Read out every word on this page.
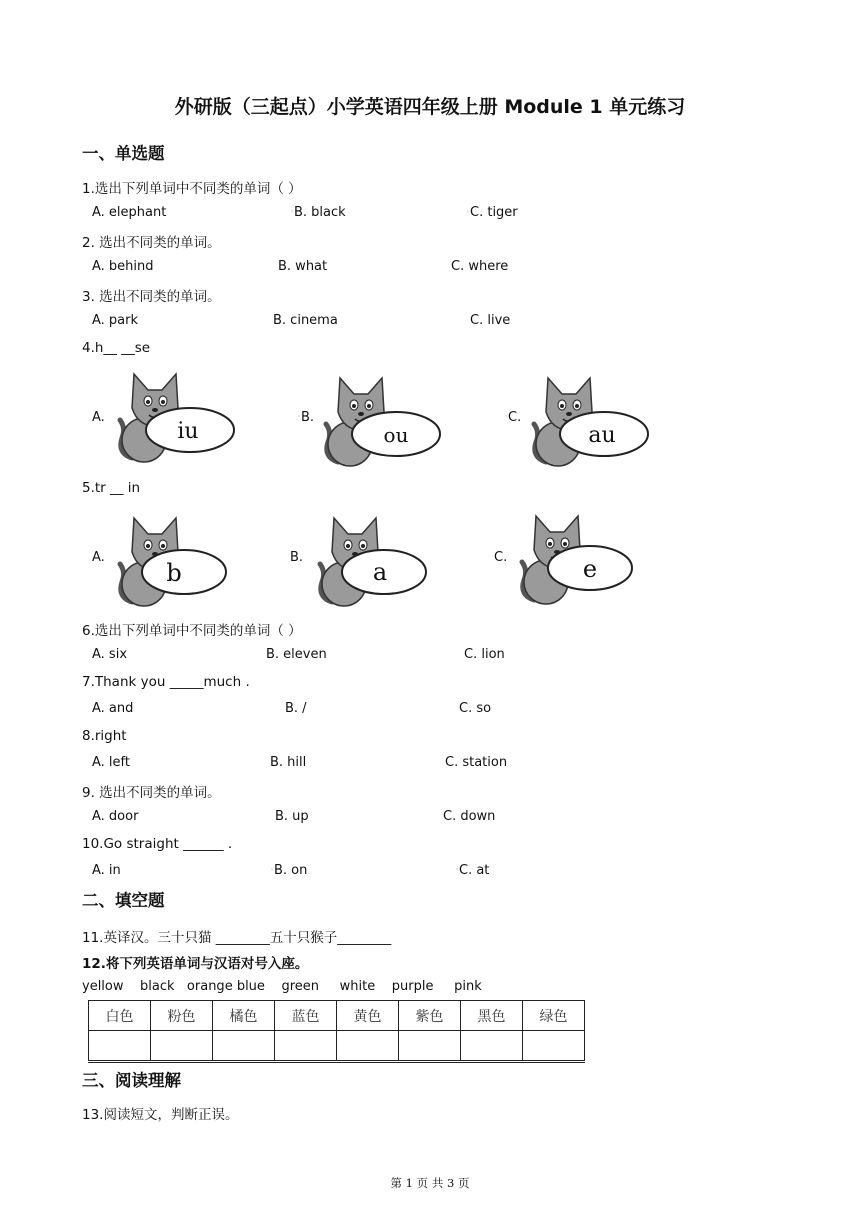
外研版（三起点）小学英语四年级上册 Module 1 单元练习
一、单选题
1.选出下列单词中不同类的单词（ ）
A. elephant	◦ B. black	◦ C. tiger
2. 选出不同类的单词。
A. behind	B. what	C. where
3. 选出不同类的单词。
A. park	B. cinema	C. live
4.h__ __se
A.	◦ B.	◦ C.
iu	ou	au
5.tr __ in
A.	B.	C.
b	a	e
6.选出下列单词中不同类的单词（ ）
A. six	B. eleven	C. lion
7.Thank you _____much .
A. and	B. /	C. so
8.right
A. left	B. hill	C. station
9. 选出不同类的单词。
A. door	B. up	C. down
10.Go straight ______ .
A. in	◦ B. on	◦ C. at
二、填空题
11.英译汉。三十只猫 ________五十只猴子________
12.将下列英语单词与汉语对号入座。
yellow    black   orange blue    green     white    purple     pink
白色	粉色	橘色	蓝色	黄色	紫色	黑色	绿色

三、阅读理解
13.阅读短文，判断正误。
第 1 页 共 3 页
